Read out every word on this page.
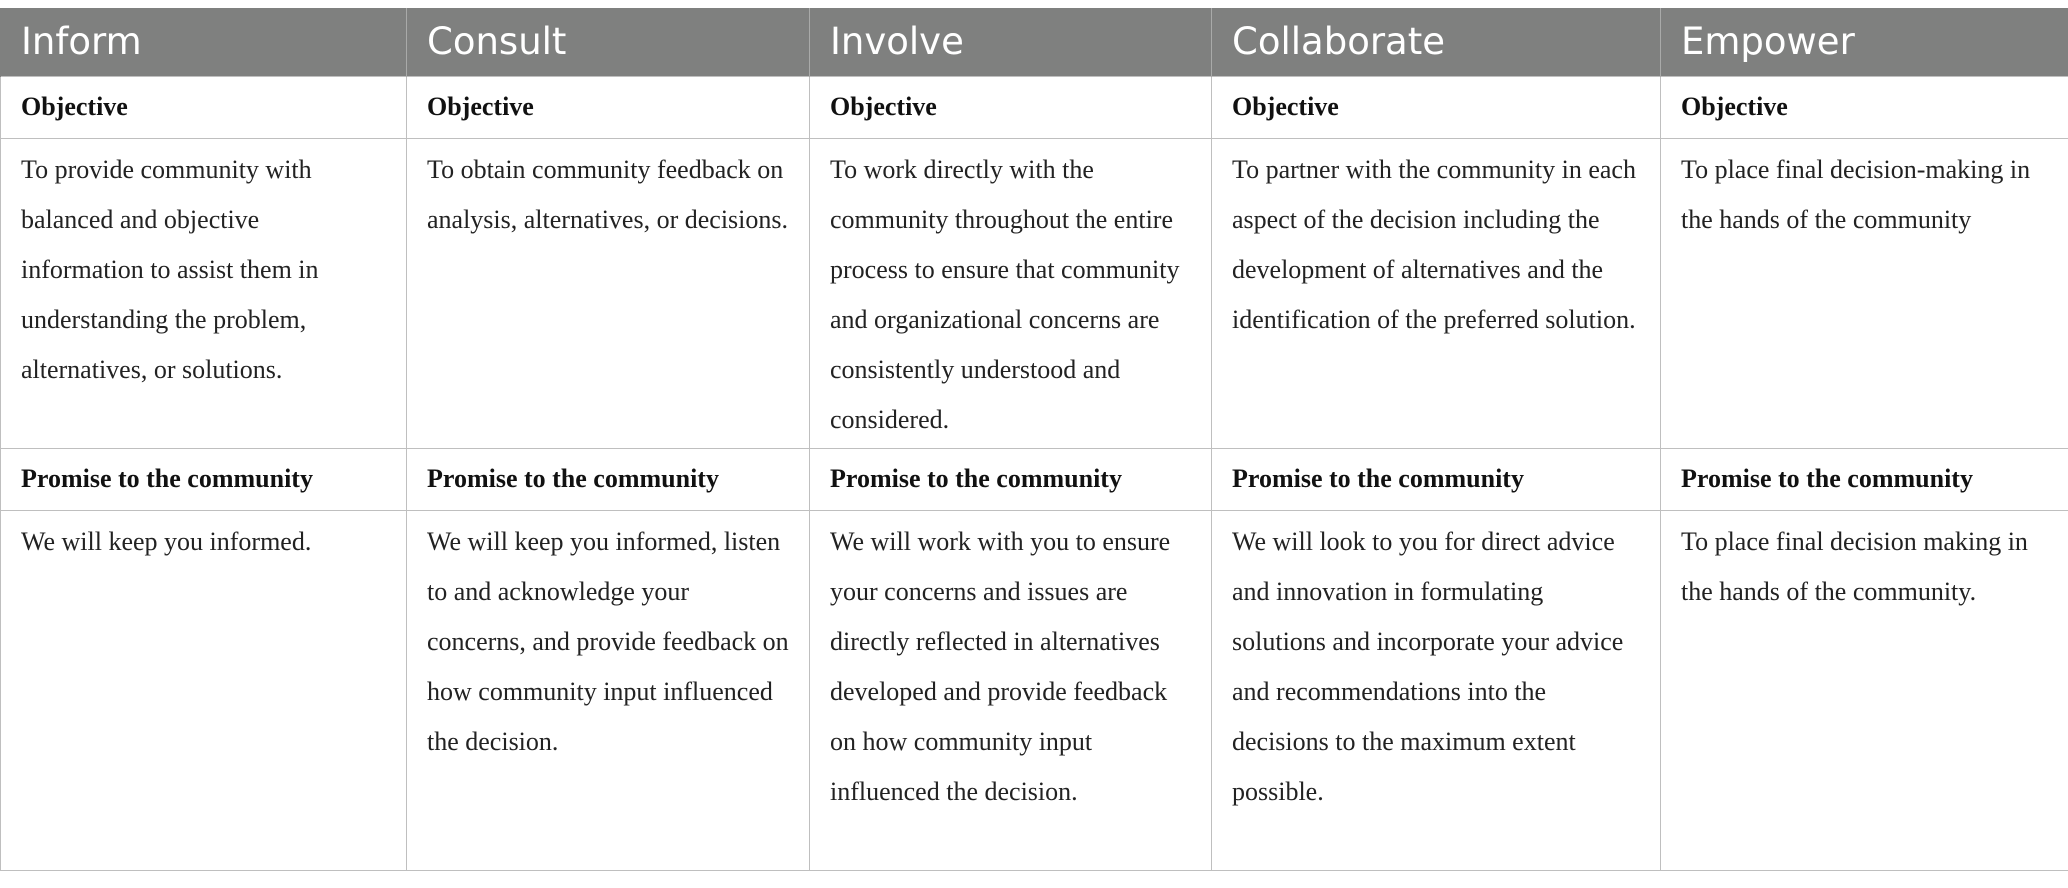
Inform	Consult	Involve	Collaborate	Empower
Objective	Objective	Objective	Objective	Objective
To provide community with balanced and objective information to assist them in understanding the problem, alternatives, or solutions.	To obtain community feedback on analysis, alternatives, or decisions.	To work directly with the community throughout the entire process to ensure that community and organizational concerns are consistently understood and considered.	To partner with the community in each aspect of the decision including the development of alternatives and the identification of the preferred solution.	To place final decision-making in the hands of the community
Promise to the community	Promise to the community	Promise to the community	Promise to the community	Promise to the community
We will keep you informed.	We will keep you informed, listen to and acknowledge your concerns, and provide feedback on how community input influenced the decision.	We will work with you to ensure your concerns and issues are directly reflected in alternatives developed and provide feedback on how community input influenced the decision.	We will look to you for direct advice and innovation in formulating solutions and incorporate your advice and recommendations into the decisions to the maximum extent possible.	To place final decision making in the hands of the community.
